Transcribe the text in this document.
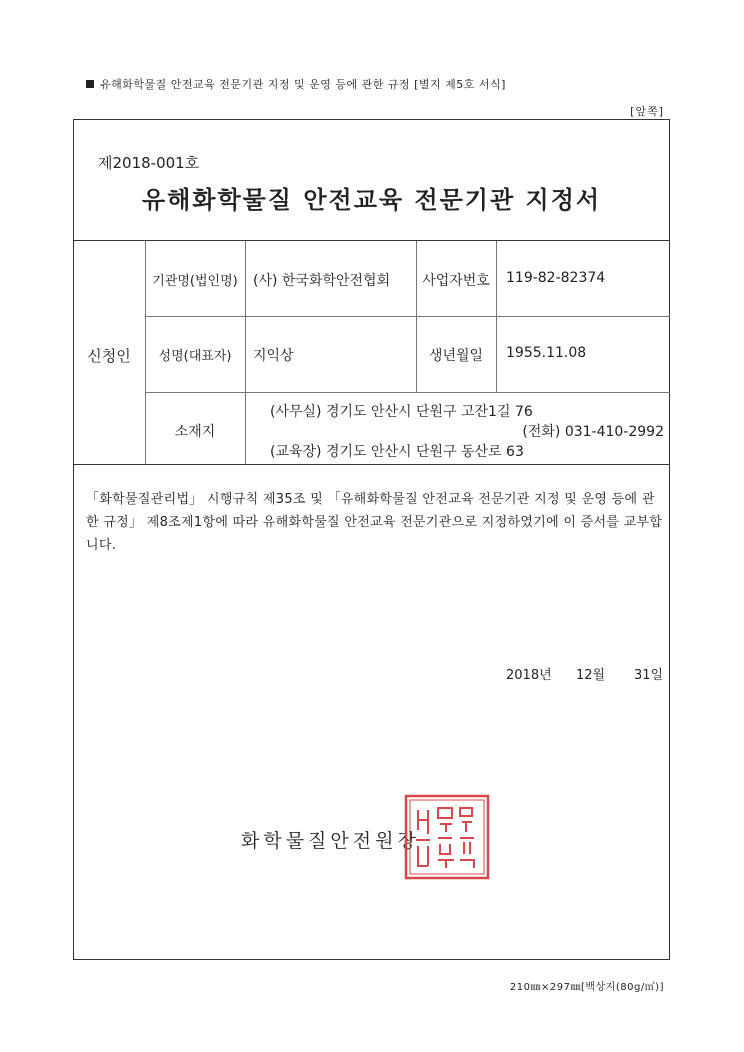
유해화학물질 안전교육 전문기관 지정 및 운영 등에 관한 규정 [별지 제5호 서식]
[앞쪽]
제2018-001호
유해화학물질 안전교육 전문기관 지정서
신청인
기관명(법인명)	(사) 한국화학안전협회	사업자번호	119-82-82374
성명(대표자)	지익상	생년월일	1955.11.08
소재지
(사무실) 경기도 안산시 단원구 고잔1길 76
(전화) 031-410-2992
(교육장) 경기도 안산시 단원구 동산로 63
「화학물질관리법」 시행규칙 제35조 및 「유해화학물질 안전교육 전문기관 지정 및 운영 등에 관한 규정」 제8조제1항에 따라 유해화학물질 안전교육 전문기관으로 지정하였기에 이 증서를 교부합니다.
2018년 12월 31일
화학물질안전원장
210㎜×297㎜[백상지(80g/㎡)]
